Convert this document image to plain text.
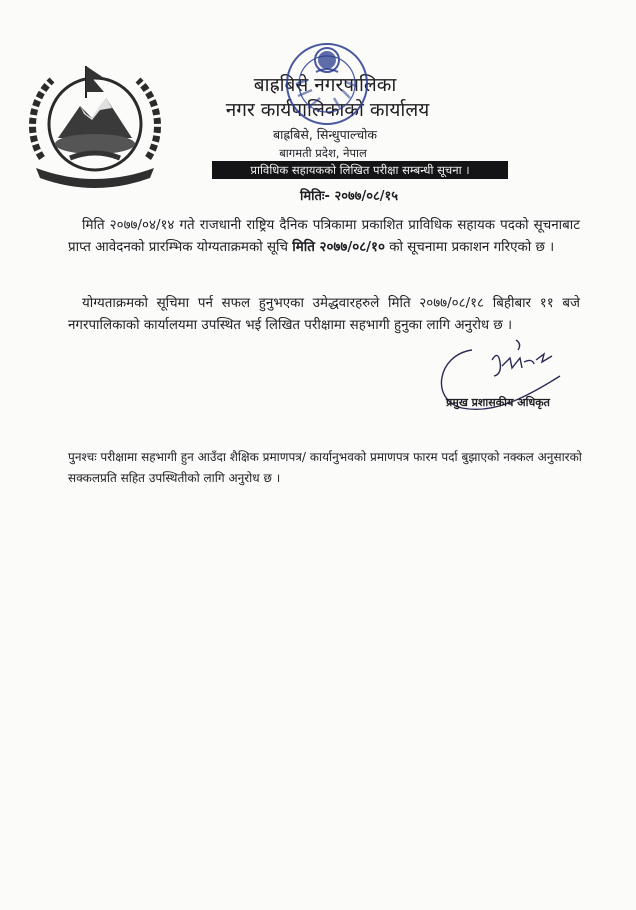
बाह्रबिसे नगरपालिका
नगर कार्यपालिकाको कार्यालय
बाह्रबिसे, सिन्धुपाल्चोक
बागमती प्रदेश, नेपाल
प्राविधिक सहायकको लिखित परीक्षा सम्बन्धी सूचना ।
मितिः- २०७७/०८/१५
मिति २०७७/०४/१४ गते राजधानी राष्ट्रिय दैनिक पत्रिकामा प्रकाशित प्राविधिक सहायक पदको सूचनाबाट प्राप्त आवेदनको प्रारम्भिक योग्यताक्रमको सूचि मिति २०७७/०८/१० को सूचनामा प्रकाशन गरिएको छ ।
योग्यताक्रमको सूचिमा पर्न सफल हुनुभएका उमेद्धवारहरुले मिति २०७७/०८/१८ बिहीबार ११ बजे नगरपालिकाको कार्यालयमा उपस्थित भई लिखित परीक्षामा सहभागी हुनुका लागि अनुरोध छ ।
प्रमुख प्रशासकीय अधिकृत
पुनश्चः परीक्षामा सहभागी हुन आउँदा शैक्षिक प्रमाणपत्र/ कार्यानुभवको प्रमाणपत्र फारम पर्दा बुझाएको नक्कल अनुसारको सक्कलप्रति सहित उपस्थितीको लागि अनुरोध छ ।
